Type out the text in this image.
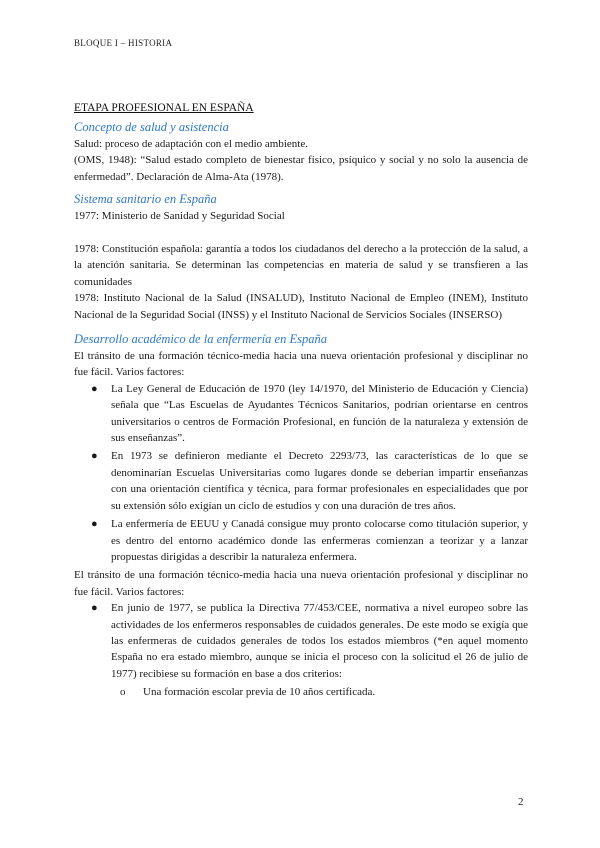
BLOQUE I – HISTORIA
ETAPA PROFESIONAL EN ESPAÑA
Concepto de salud y asistencia

Salud: proceso de adaptación con el medio ambiente.

(OMS, 1948): “Salud estado completo de bienestar físico, psíquico y social y no solo la ausencia de enfermedad”. Declaración de Alma-Ata (1978).

Sistema sanitario en España

1977: Ministerio de Sanidad y Seguridad Social

1978: Constitución española: garantía a todos los ciudadanos del derecho a la protección de la salud, a la atención sanitaria. Se determinan las competencias en materia de salud y se transfieren a las comunidades

1978: Instituto Nacional de la Salud (INSALUD), Instituto Nacional de Empleo (INEM), Instituto Nacional de la Seguridad Social (INSS) y el Instituto Nacional de Servicios Sociales (INSERSO)

Desarrollo académico de la enfermería en España

El tránsito de una formación técnico-media hacia una nueva orientación profesional y disciplinar no fue fácil. Varios factores:

● La Ley General de Educación de 1970 (ley 14/1970, del Ministerio de Educación y Ciencia) señala que “Las Escuelas de Ayudantes Técnicos Sanitarios, podrían orientarse en centros universitarios o centros de Formación Profesional, en función de la naturaleza y extensión de sus enseñanzas”.
● En 1973 se definieron mediante el Decreto 2293/73, las características de lo que se denominarían Escuelas Universitarias como lugares donde se deberían impartir enseñanzas con una orientación científica y técnica, para formar profesionales en especialidades que por su extensión sólo exigían un ciclo de estudios y con una duración de tres años.
● La enfermería de EEUU y Canadá consigue muy pronto colocarse como titulación superior, y es dentro del entorno académico donde las enfermeras comienzan a teorizar y a lanzar propuestas dirigidas a describir la naturaleza enfermera.

El tránsito de una formación técnico-media hacia una nueva orientación profesional y disciplinar no fue fácil. Varios factores:

● En junio de 1977, se publica la Directiva 77/453/CEE, normativa a nivel europeo sobre las actividades de los enfermeros responsables de cuidados generales. De este modo se exigía que las enfermeras de cuidados generales de todos los estados miembros (*en aquel momento España no era estado miembro, aunque se inicia el proceso con la solicitud el 26 de julio de 1977) recibiese su formación en base a dos criterios:
o Una formación escolar previa de 10 años certificada.
2
